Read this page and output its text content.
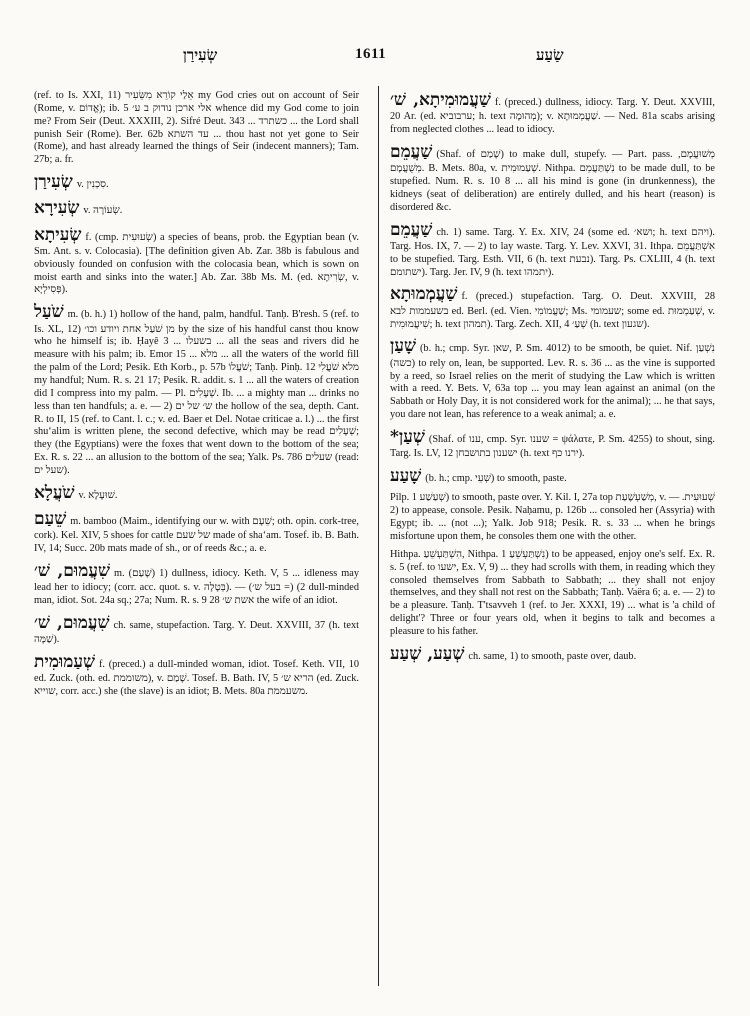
שְׂעִירַן	1611	שַׂעַע

(ref. to Is. XXI, 11) אֵלַי קוֹרֵא מִשֵּׂעִיר my God cries out on account of Seir (Rome, v. אֱדוֹם); ib. 5 אלי ארכן נודוק ב ע׳ whence did my God come to join me? From Seir (Deut. XXXIII, 2). Sifré Deut. 343 ... כשתרד ... the Lord shall punish Seir (Rome). Ber. 62b עד השתא ... thou hast not yet gone to Seir (Rome), and hast already learned the things of Seir (indecent manners); Tam. 27b; a. fr.

שְׂעִירַן v. סִכְנִין.

שְׂעִירָא v. שְׂעוֹרָה.

שְׂעִיתָא f. (cmp. שְׂעוּעִית) a species of beans, prob. the Egyptian bean (v. Sm. Ant. s. v. Colocasia). [The definition given Ab. Zar. 38b is fabulous and obviously founded on confusion with the colocasia bean, which is sown on moist earth and sinks into the water.] Ab. Zar. 38b Ms. M. (ed. שְׂרִיתָא, v. פְּסִילְיָא).

שֹׁעַל m. (b. h.) 1) hollow of the hand, palm, handful. Tanḥ. B'resh. 5 (ref. to Is. XL, 12) מן שֹׁעַל אחת ויודע וכו׳ by the size of his handful canst thou know who he himself is; ib. Ḥayê 3 ... בשעלו ... all the seas and rivers did he measure with his palm; ib. Emor 15 ... מלא ... all the waters of the world fill the palm of the Lord; Pesik. Eth Korb., p. 57b שֹׁעֲלוֹ; Tanḥ. Pinḥ. 12 מלא שֹׁעֲלִי my handful; Num. R. s. 21 17; Pesik. R. addit. s. 1 ... all the waters of creation did I compress into my palm. — Pl. שְׁעָלִים. Ib. ... a mighty man ... drinks no less than ten handfuls; a. e. — 2) ש׳ של ים the hollow of the sea, depth. Cant. R. to II, 15 (ref. to Cant. l. c.; v. ed. Baer et Del. Notae criticae a. l.) ... the first shu‘alim is written plene, the second defective, which may be read שְׁעָלִים; they (the Egyptians) were the foxes that went down to the bottom of the sea; Ex. R. s. 22 ... an allusion to the bottom of the sea; Yalk. Ps. 786 שעלים (read: שעל ים).

שֹׁעֲלָא v. שׁוּעָלָא.

שֵׁעַם m. bamboo (Maim., identifying our w. with שֵׁעָם; oth. opin. cork-tree, cork). Kel. XIV, 5 shoes for cattle של שעם made of sha‘am. Tosef. ib. B. Bath. IV, 14; Succ. 20b mats made of sh., or of reeds &c.; a. e.

שִׁעֲמוּם, שׁ׳ m. (שָׁעַם) 1) dullness, idiocy. Keth. V, 5 ... idleness may lead her to idiocy; (corr. acc. quot. s. v. בְּטָלָה). — 2) (= בעל ש׳) dull-minded man, idiot. Sot. 24a sq.; 27a; Num. R. s. 9 28 אשת ש׳ the wife of an idiot.

שִׁעֲמוּם, שׁ׳ ch. same, stupefaction. Targ. Y. Deut. XXVIII, 37 (h. text שַׁמָּה).

שְׁעַמוּמִית f. (preced.) a dull-minded woman, idiot. Tosef. Keth. VII, 10 ed. Zuck. (oth. ed. משוממת), v. שָׁמַם. Tosef. B. Bath. IV, 5 הריא ש׳ (ed. Zuck. שוייא, corr. acc.) she (the slave) is an idiot; B. Mets. 80a משעממת.

שַׁעֲמוּמִיתָא, שׁ׳ f. (preced.) dullness, idiocy. Targ. Y. Deut. XXVIII, 20 Ar. (ed. ערבוביא; h. text מְהוּמָה); v. שַׁעֲמְמוּתָא. — Ned. 81a scabs arising from neglected clothes ... lead to idiocy.

שַׁעֲמֵם (Shaf. of שָׁמַם) to make dull, stupefy. — Part. pass. מְשׁוּעֲמָם, מְשֻׁעֲמָם. B. Mets. 80a, v. שְׁעַמוּמִית. Nithpa. נִשְׁתַּעֲמֵם to be made dull, to be stupefied. Num. R. s. 10 8 ... all his mind is gone (in drunkenness), the kidneys (seat of deliberation) are entirely dulled, and his heart (reason) is disordered &c.

שַׁעֲמֵם ch. 1) same. Targ. Y. Ex. XIV, 24 (some ed. ושא׳; h. text ויהם). Targ. Hos. IX, 7. — 2) to lay waste. Targ. Y. Lev. XXVI, 31. Ithpa. אִשְׁתַּעֲמֵם to be stupefied. Targ. Esth. VII, 6 (h. text נבעת). Targ. Ps. CXLIII, 4 (h. text ישתומם). Targ. Jer. IV, 9 (h. text יתמהו).

שַׁעֲמְמוּתָא f. (preced.) stupefaction. Targ. O. Deut. XXVIII, 28 בשעממות לבא ed. Berl. (ed. Vien. שַׁעֲמוֹמִי; Ms. שעמומי; some ed. שְׁעַמְמוּת, v. שִׁיעֲמוּמִית; h. text תמהון). Targ. Zech. XII, 4 שְׁעַ׳ (h. text שגעון).

שָׁעַן (b. h.; cmp. Syr. שאן, P. Sm. 4012) to be smooth, be quiet. Nif. נִשְׁעַן (כשה) to rely on, lean, be supported. Lev. R. s. 36 ... as the vine is supported by a reed, so Israel relies on the merit of studying the Law which is written with a reed. Y. Bets. V, 63a top ... you may lean against an animal (on the Sabbath or Holy Day, it is not considered work for the animal); ... he that says, you dare not lean, has reference to a weak animal; a. e.

*שְׁעַן (Shaf. of ענו, cmp. Syr. שענו = ψάλατε, P. Sm. 4255) to shout, sing. Targ. Is. LV, 12 ישענון בתושבחן (h. text ירנו כף).

שָׁעַע (b. h.; cmp. שְׁעֵי) to smooth, paste.

Pilp. שְׁעַשַׁע 1) to smooth, paste over. Y. Kil. I, 27a top מְשַׁעְשֶׁעַת, v. שְׁעוּעִית. — 2) to appease, console. Pesik. Naḥamu, p. 126b ... consoled her (Assyria) with Egypt; ib. ... (not ...); Yalk. Job 918; Pesik. R. s. 33 ... when he brings misfortune upon them, he consoles them one with the other.

Hithpa. הִשְׁתַּעְשֵׁעַ, Nithpa. נִשְׁתַּעְשֵׁעַ 1) to be appeased, enjoy one's self. Ex. R. s. 5 (ref. to ישעו, Ex. V, 9) ... they had scrolls with them, in reading which they consoled themselves from Sabbath to Sabbath; ... they shall not enjoy themselves, and they shall not rest on the Sabbath; Tanḥ. Vaëra 6; a. e. — 2) to be a pleasure. Tanḥ. T'tsavveh 1 (ref. to Jer. XXXI, 19) ... what is 'a child of delight'? Three or four years old, when it begins to talk and becomes a pleasure to his father.

שְׁעַע, שְׁעַע ch. same, 1) to smooth, paste over, daub.
